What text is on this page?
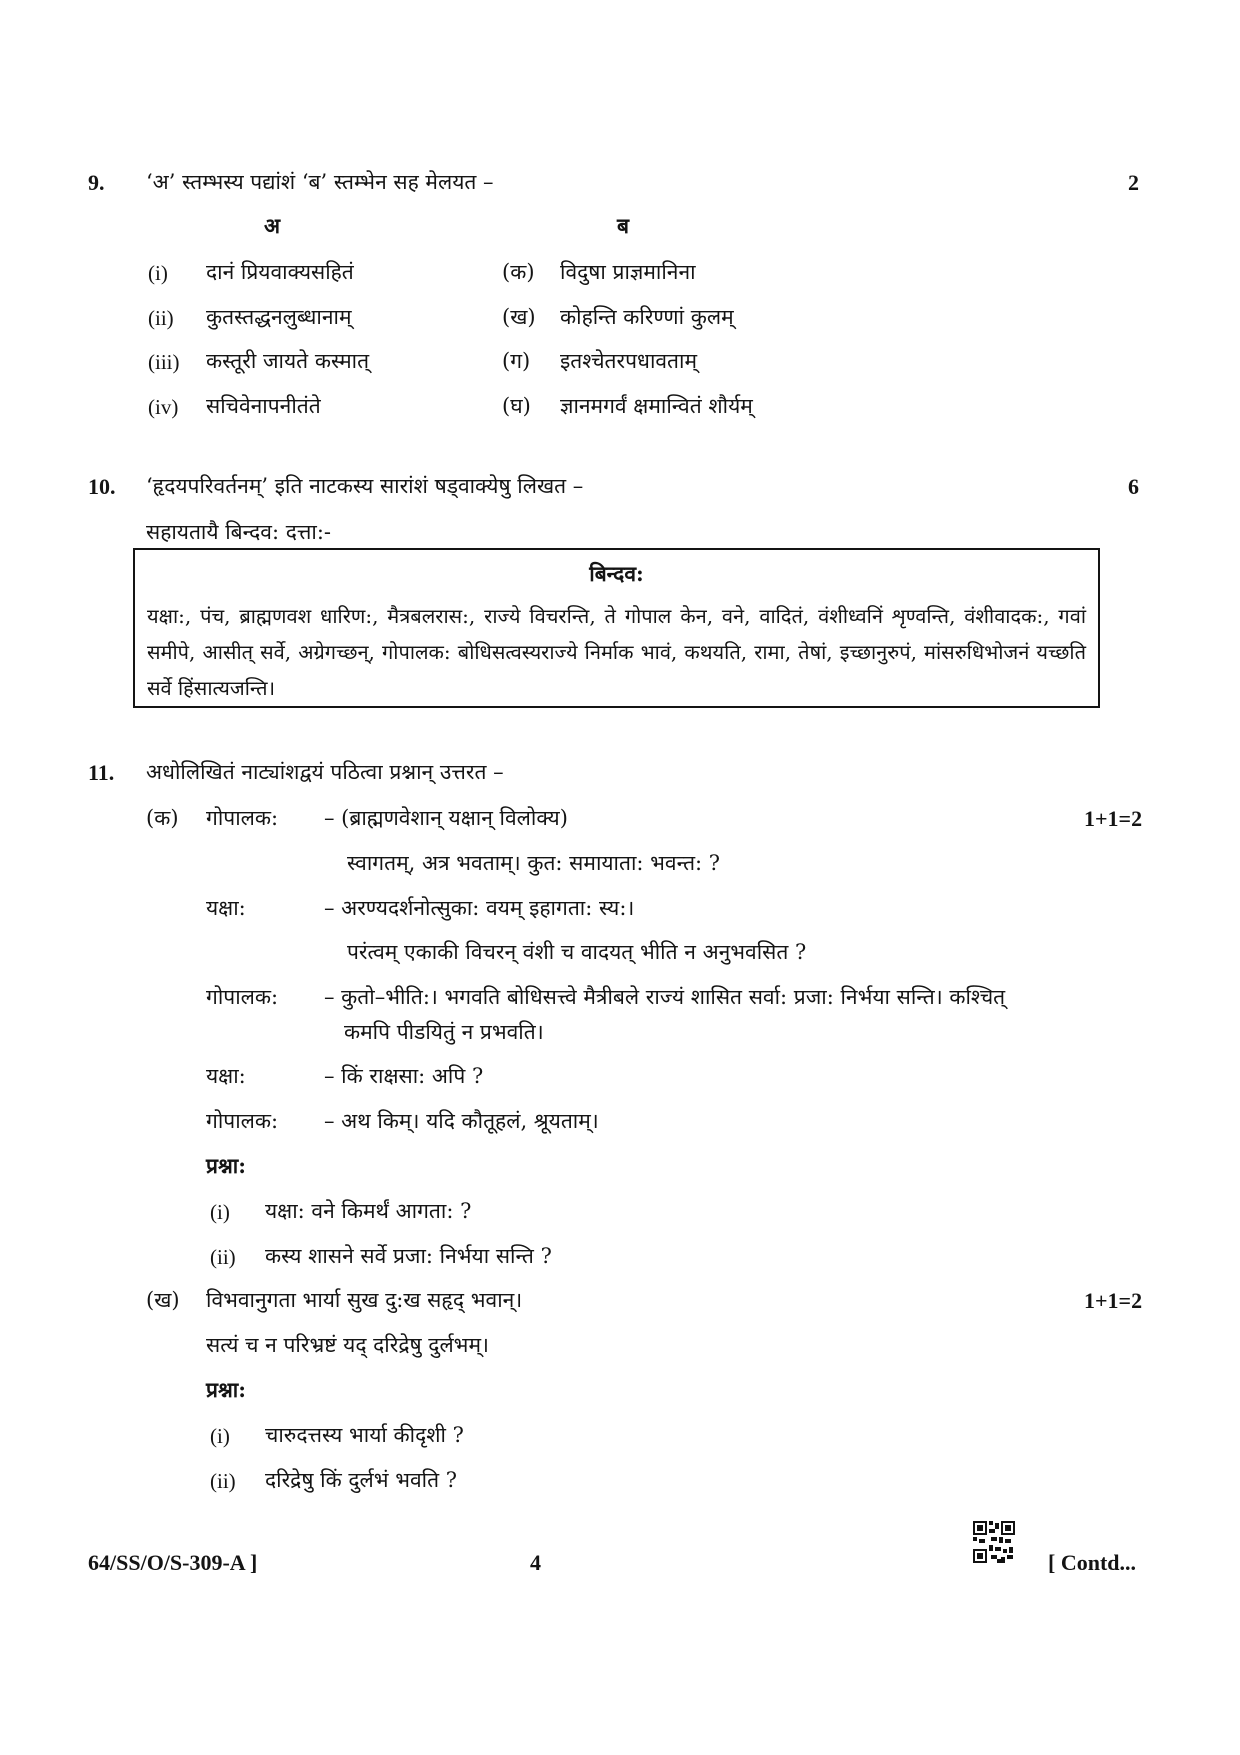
9. ‘अ’ स्तम्भस्य पद्यांशं ‘ब’ स्तम्भेन सह मेलयत –	2
अ	ब
(i) दानं प्रियवाक्यसहितं	(क) विदुषा प्राज्ञमानिना
(ii) कुतस्तद्धनलुब्धानाम्	(ख) कोहन्ति करिण्णां कुलम्
(iii) कस्तूरी जायते कस्मात्	(ग) इतश्चेतरपधावताम्
(iv) सचिवेनापनीतंते	(घ) ज्ञानमगर्वं क्षमान्वितं शौर्यम्
10. ‘हृदयपरिवर्तनम्’ इति नाटकस्य सारांशं षड्वाक्येषु लिखत –	6
सहायतायै बिन्दव: दत्ता:-
बिन्दव:
यक्षा:, पंच, ब्राह्मणवश धारिण:, मैत्रबलरास:, राज्ये विचरन्ति, ते गोपाल केन, वने, वादितं, वंशीध्वनिं शृण्वन्ति, वंशीवादक:, गवां समीपे, आसीत् सर्वे, अग्रेगच्छन्, गोपालक: बोधिसत्वस्यराज्ये निर्माक भावं, कथयति, रामा, तेषां, इच्छानुरुपं, मांसरुधिभोजनं यच्छति सर्वे हिंसात्यजन्ति।
11. अधोलिखितं नाट्यांशद्वयं पठित्वा प्रश्नान् उत्तरत –
(क)	1+1=2
गोपालक: – (ब्राह्मणवेशान् यक्षान् विलोक्य)
स्वागतम्, अत्र भवताम्। कुत: समायाता: भवन्त: ?
यक्षा:	– अरण्यदर्शनोत्सुका: वयम् इहागता: स्य:।
परंत्वम् एकाकी विचरन् वंशी च वादयत् भीति न अनुभवसित ?
गोपालक: – कुतो–भीति:। भगवति बोधिसत्त्वे मैत्रीबले राज्यं शासित सर्वा: प्रजा: निर्भया सन्ति। कश्चित्
कमपि पीडयितुं न प्रभवति।
यक्षा:	– किं राक्षसा: अपि ?
गोपालक: – अथ किम्। यदि कौतूहलं, श्रूयताम्।
प्रश्ना:
(i) यक्षा: वने किमर्थं आगता: ?
(ii) कस्य शासने सर्वे प्रजा: निर्भया सन्ति ?
(ख) विभवानुगता भार्या सुख दु:ख सहृद् भवान्।	1+1=2
सत्यं च न परिभ्रष्टं यद् दरिद्रेषु दुर्लभम्।
प्रश्ना:
(i) चारुदत्तस्य भार्या कीदृशी ?
(ii) दरिद्रेषु किं दुर्लभं भवति ?
64/SS/O/S-309-A ]	4	[ Contd...
